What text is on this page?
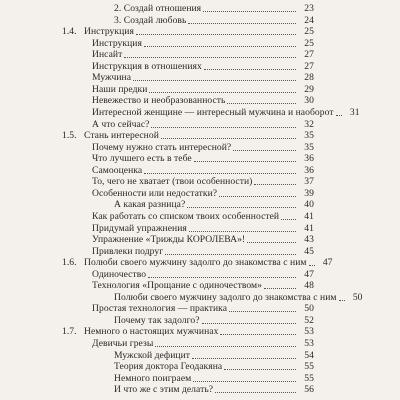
2. Создай отношения	23
3. Создай любовь	24
1.4. Инструкция	25
Инструкция	25
Инсайт	27
Инструкция в отношениях	27
Мужчина	28
Наши предки	29
Невежество и необразованность	30
Интересной женщине — интересный мужчина и наоборот	31
А что сейчас?	32
1.5. Стань интересной	35
Почему нужно стать интересной?	35
Что лучшего есть в тебе	36
Самооценка	36
То, чего не хватает (твои особенности)	37
Особенности или недостатки?	39
А какая разница?	40
Как работать со списком твоих особенностей	41
Придумай упражнения	41
Упражнение «Трижды КОРОЛЕВА»!	43
Привлеки подруг	45
1.6. Полюби своего мужчину задолго до знакомства с ним	47
Одиночество	47
Технология «Прощание с одиночеством»	48
Полюби своего мужчину задолго до знакомства с ним	50
Простая технология — практика	50
Почему так задолго?	52
1.7. Немного о настоящих мужчинах	53
Девичьи грезы	53
Мужской дефицит	54
Теория доктора Геодакяна	55
Немного поиграем	55
И что же с этим делать?	56
